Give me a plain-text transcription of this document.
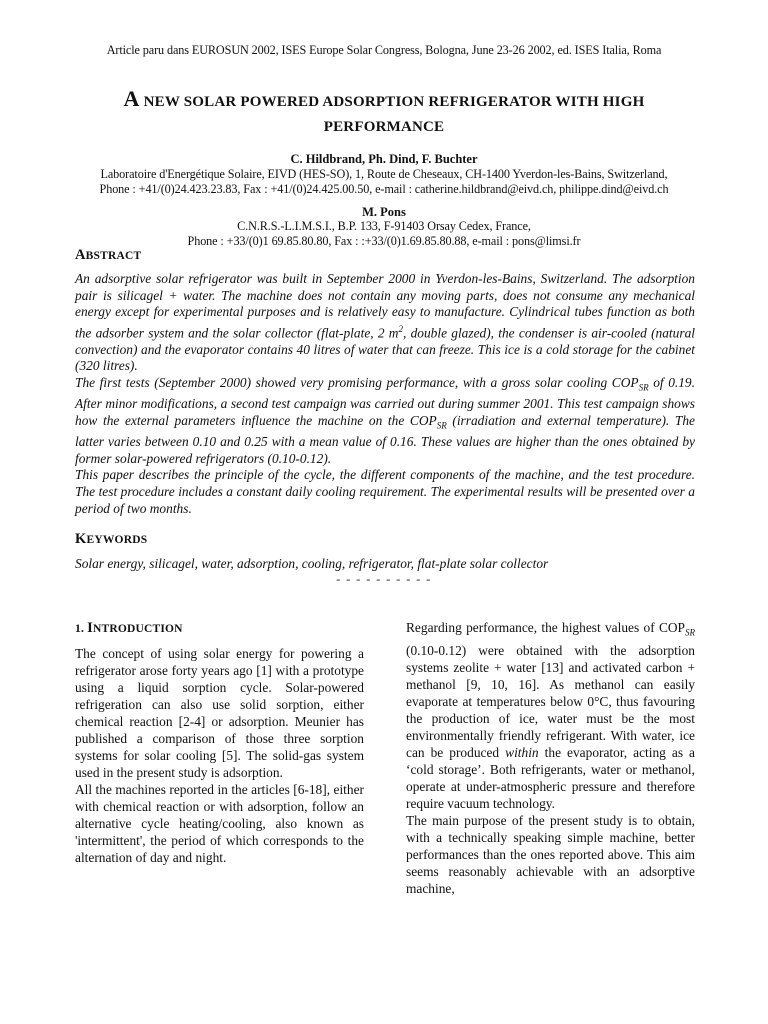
Article paru dans EUROSUN 2002, ISES Europe Solar Congress, Bologna, June 23-26 2002, ed. ISES Italia, Roma
A NEW SOLAR POWERED ADSORPTION REFRIGERATOR WITH HIGH
PERFORMANCE
C. Hildbrand, Ph. Dind, F. Buchter
Laboratoire d'Energétique Solaire, EIVD (HES-SO), 1, Route de Cheseaux, CH-1400 Yverdon-les-Bains, Switzerland,
Phone : +41/(0)24.423.23.83, Fax : +41/(0)24.425.00.50, e-mail : catherine.hildbrand@eivd.ch, philippe.dind@eivd.ch
M. Pons
C.N.R.S.-L.I.M.S.I., B.P. 133, F-91403 Orsay Cedex, France,
Phone : +33/(0)1 69.85.80.80, Fax : :+33/(0)1.69.85.80.88, e-mail : pons@limsi.fr
ABSTRACT

An adsorptive solar refrigerator was built in September 2000 in Yverdon-les-Bains, Switzerland. The adsorption pair is silicagel + water. The machine does not contain any moving parts, does not consume any mechanical energy except for experimental purposes and is relatively easy to manufacture. Cylindrical tubes function as both the adsorber system and the solar collector (flat-plate, 2 $m^2$, double glazed), the condenser is air-cooled (natural convection) and the evaporator contains 40 litres of water that can freeze. This ice is a cold storage for the cabinet (320 litres).

The first tests (September 2000) showed very promising performance, with a gross solar cooling $COP_{SR}$ of 0.19. After minor modifications, a second test campaign was carried out during summer 2001. This test campaign shows how the external parameters influence the machine on the $COP_{SR}$ (irradiation and external temperature). The latter varies between 0.10 and 0.25 with a mean value of 0.16. These values are higher than the ones obtained by former solar-powered refrigerators (0.10-0.12).

This paper describes the principle of the cycle, the different components of the machine, and the test procedure. The test procedure includes a constant daily cooling requirement. The experimental results will be presented over a period of two months.

KEYWORDS
Solar energy, silicagel, water, adsorption, cooling, refrigerator, flat-plate solar collector
- - - - - - - - - -
1. INTRODUCTION

The concept of using solar energy for powering a refrigerator arose forty years ago [1] with a prototype using a liquid sorption cycle. Solar-powered refrigeration can also use solid sorption, either chemical reaction [2-4] or adsorption. Meunier has published a comparison of those three sorption systems for solar cooling [5]. The solid-gas system used in the present study is adsorption.

All the machines reported in the articles [6-18], either with chemical reaction or with adsorption, follow an alternative cycle heating/cooling, also known as 'intermittent', the period of which corresponds to the alternation of day and night.

Regarding performance, the highest values of $COP_{SR}$ (0.10-0.12) were obtained with the adsorption systems zeolite + water [13] and activated carbon + methanol [9, 10, 16]. As methanol can easily evaporate at temperatures below 0°C, thus favouring the production of ice, water must be the most environmentally friendly refrigerant. With water, ice can be produced within the evaporator, acting as a ‘cold storage’. Both refrigerants, water or methanol, operate at under-atmospheric pressure and therefore require vacuum technology.

The main purpose of the present study is to obtain, with a technically speaking simple machine, better performances than the ones reported above. This aim seems reasonably achievable with an adsorptive machine,
